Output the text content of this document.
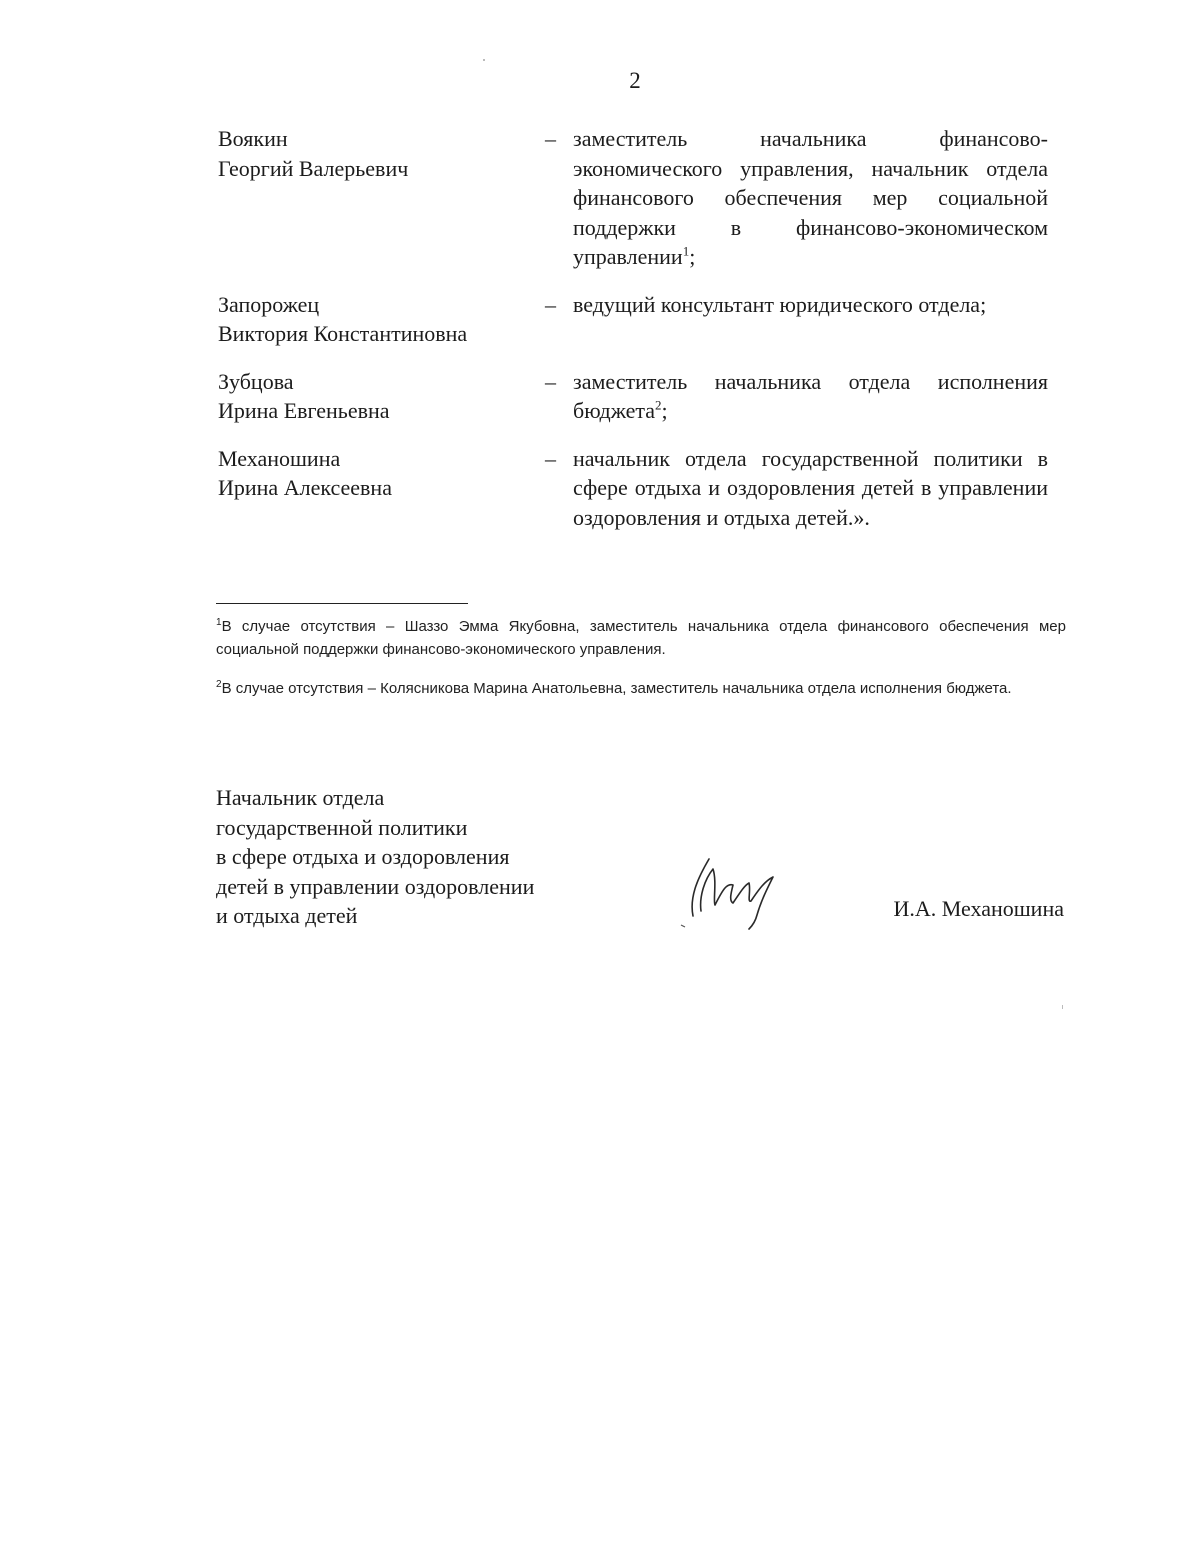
2
Воякин
Георгий Валерьевич
– заместитель начальника финансово-экономического управления, начальник отдела финансового обеспечения мер социальной поддержки в финансово-экономическом управлении$^1$;
Запорожец
Виктория Константиновна
– ведущий консультант юридического отдела;
Зубцова
Ирина Евгеньевна
– заместитель начальника отдела исполнения бюджета$^2$;
Механошина
Ирина Алексеевна
– начальник отдела государственной политики в сфере отдыха и оздоровления детей в управлении оздоровления и отдыха детей.».

$^1$В случае отсутствия – Шаззо Эмма Якубовна, заместитель начальника отдела финансового обеспечения мер социальной поддержки финансово-экономического управления.

$^2$В случае отсутствия – Колясникова Марина Анатольевна, заместитель начальника отдела исполнения бюджета.

Начальник отдела
государственной политики
в сфере отдыха и оздоровления
детей в управлении оздоровлении
и отдыха детей	И.А. Механошина
